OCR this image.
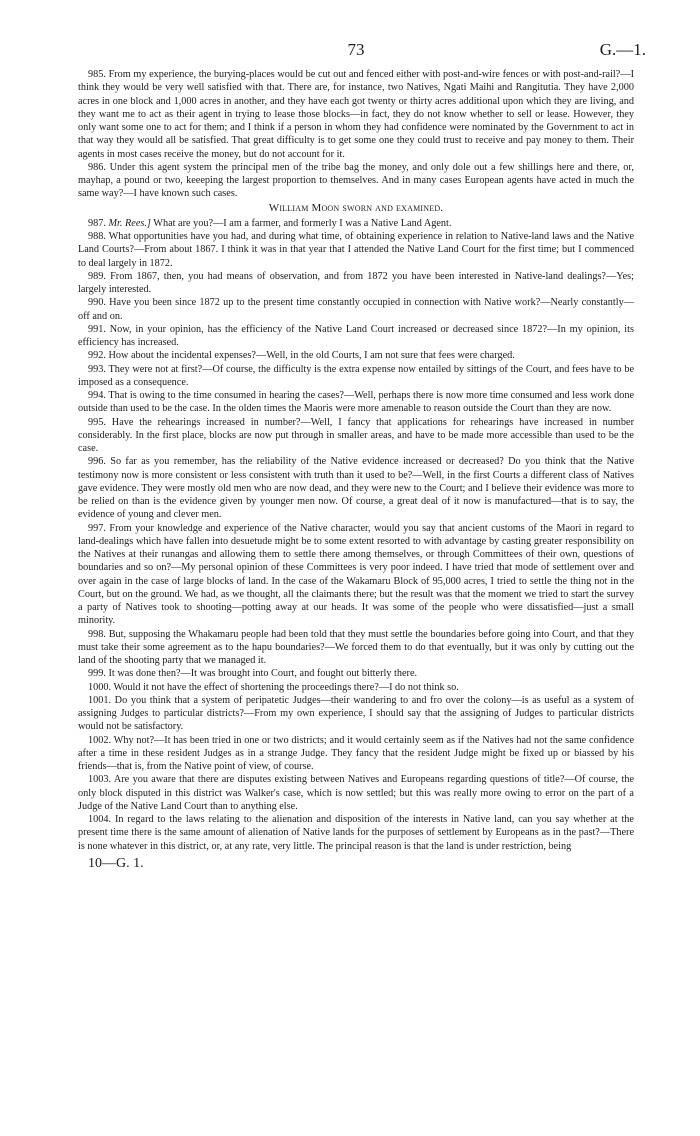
73	G.—1.

985. From my experience, the burying-places would be cut out and fenced either with post-and-wire fences or with post-and-rail?—I think they would be very well satisfied with that. There are, for instance, two Natives, Ngati Maihi and Rangitutia. They have 2,000 acres in one block and 1,000 acres in another, and they have each got twenty or thirty acres additional upon which they are living, and they want me to act as their agent in trying to lease those blocks—in fact, they do not know whether to sell or lease. However, they only want some one to act for them; and I think if a person in whom they had confidence were nominated by the Government to act in that way they would all be satisfied. That great difficulty is to get some one they could trust to receive and pay money to them. Their agents in most cases receive the money, but do not account for it.

986. Under this agent system the principal men of the tribe bag the money, and only dole out a few shillings here and there, or, mayhap, a pound or two, keeeping the largest proportion to themselves. And in many cases European agents have acted in much the same way?—I have known such cases.

William Moon sworn and examined.

987. Mr. Rees.] What are you?—I am a farmer, and formerly I was a Native Land Agent.

988. What opportunities have you had, and during what time, of obtaining experience in relation to Native-land laws and the Native Land Courts?—From about 1867. I think it was in that year that I attended the Native Land Court for the first time; but I commenced to deal largely in 1872.

989. From 1867, then, you had means of observation, and from 1872 you have been interested in Native-land dealings?—Yes; largely interested.

990. Have you been since 1872 up to the present time constantly occupied in connection with Native work?—Nearly constantly—off and on.

991. Now, in your opinion, has the efficiency of the Native Land Court increased or decreased since 1872?—In my opinion, its efficiency has increased.

992. How about the incidental expenses?—Well, in the old Courts, I am not sure that fees were charged.

993. They were not at first?—Of course, the difficulty is the extra expense now entailed by sittings of the Court, and fees have to be imposed as a consequence.

994. That is owing to the time consumed in hearing the cases?—Well, perhaps there is now more time consumed and less work done outside than used to be the case. In the olden times the Maoris were more amenable to reason outside the Court than they are now.

995. Have the rehearings increased in number?—Well, I fancy that applications for rehearings have increased in number considerably. In the first place, blocks are now put through in smaller areas, and have to be made more accessible than used to be the case.

996. So far as you remember, has the reliability of the Native evidence increased or decreased? Do you think that the Native testimony now is more consistent or less consistent with truth than it used to be?—Well, in the first Courts a different class of Natives gave evidence. They were mostly old men who are now dead, and they were new to the Court; and I believe their evidence was more to be relied on than is the evidence given by younger men now. Of course, a great deal of it now is manufactured—that is to say, the evidence of young and clever men.

997. From your knowledge and experience of the Native character, would you say that ancient customs of the Maori in regard to land-dealings which have fallen into desuetude might be to some extent resorted to with advantage by casting greater responsibility on the Natives at their runangas and allowing them to settle there among themselves, or through Committees of their own, questions of boundaries and so on?—My personal opinion of these Committees is very poor indeed. I have tried that mode of settlement over and over again in the case of large blocks of land. In the case of the Wakamaru Block of 95,000 acres, I tried to settle the thing not in the Court, but on the ground. We had, as we thought, all the claimants there; but the result was that the moment we tried to start the survey a party of Natives took to shooting—potting away at our heads. It was some of the people who were dissatisfied—just a small minority.

998. But, supposing the Whakamaru people had been told that they must settle the boundaries before going into Court, and that they must take their some agreement as to the hapu boundaries?—We forced them to do that eventually, but it was only by cutting out the land of the shooting party that we managed it.

999. It was done then?—It was brought into Court, and fought out bitterly there.

1000. Would it not have the effect of shortening the proceedings there?—I do not think so.

1001. Do you think that a system of peripatetic Judges—their wandering to and fro over the colony—is as useful as a system of assigning Judges to particular districts?—From my own experience, I should say that the assigning of Judges to particular districts would not be satisfactory.

1002. Why not?—It has been tried in one or two districts; and it would certainly seem as if the Natives had not the same confidence after a time in these resident Judges as in a strange Judge. They fancy that the resident Judge might be fixed up or biassed by his friends—that is, from the Native point of view, of course.

1003. Are you aware that there are disputes existing between Natives and Europeans regarding questions of title?—Of course, the only block disputed in this district was Walker's case, which is now settled; but this was really more owing to error on the part of a Judge of the Native Land Court than to anything else.

1004. In regard to the laws relating to the alienation and disposition of the interests in Native land, can you say whether at the present time there is the same amount of alienation of Native lands for the purposes of settlement by Europeans as in the past?—There is none whatever in this district, or, at any rate, very little. The principal reason is that the land is under restriction, being

10—G. 1.
